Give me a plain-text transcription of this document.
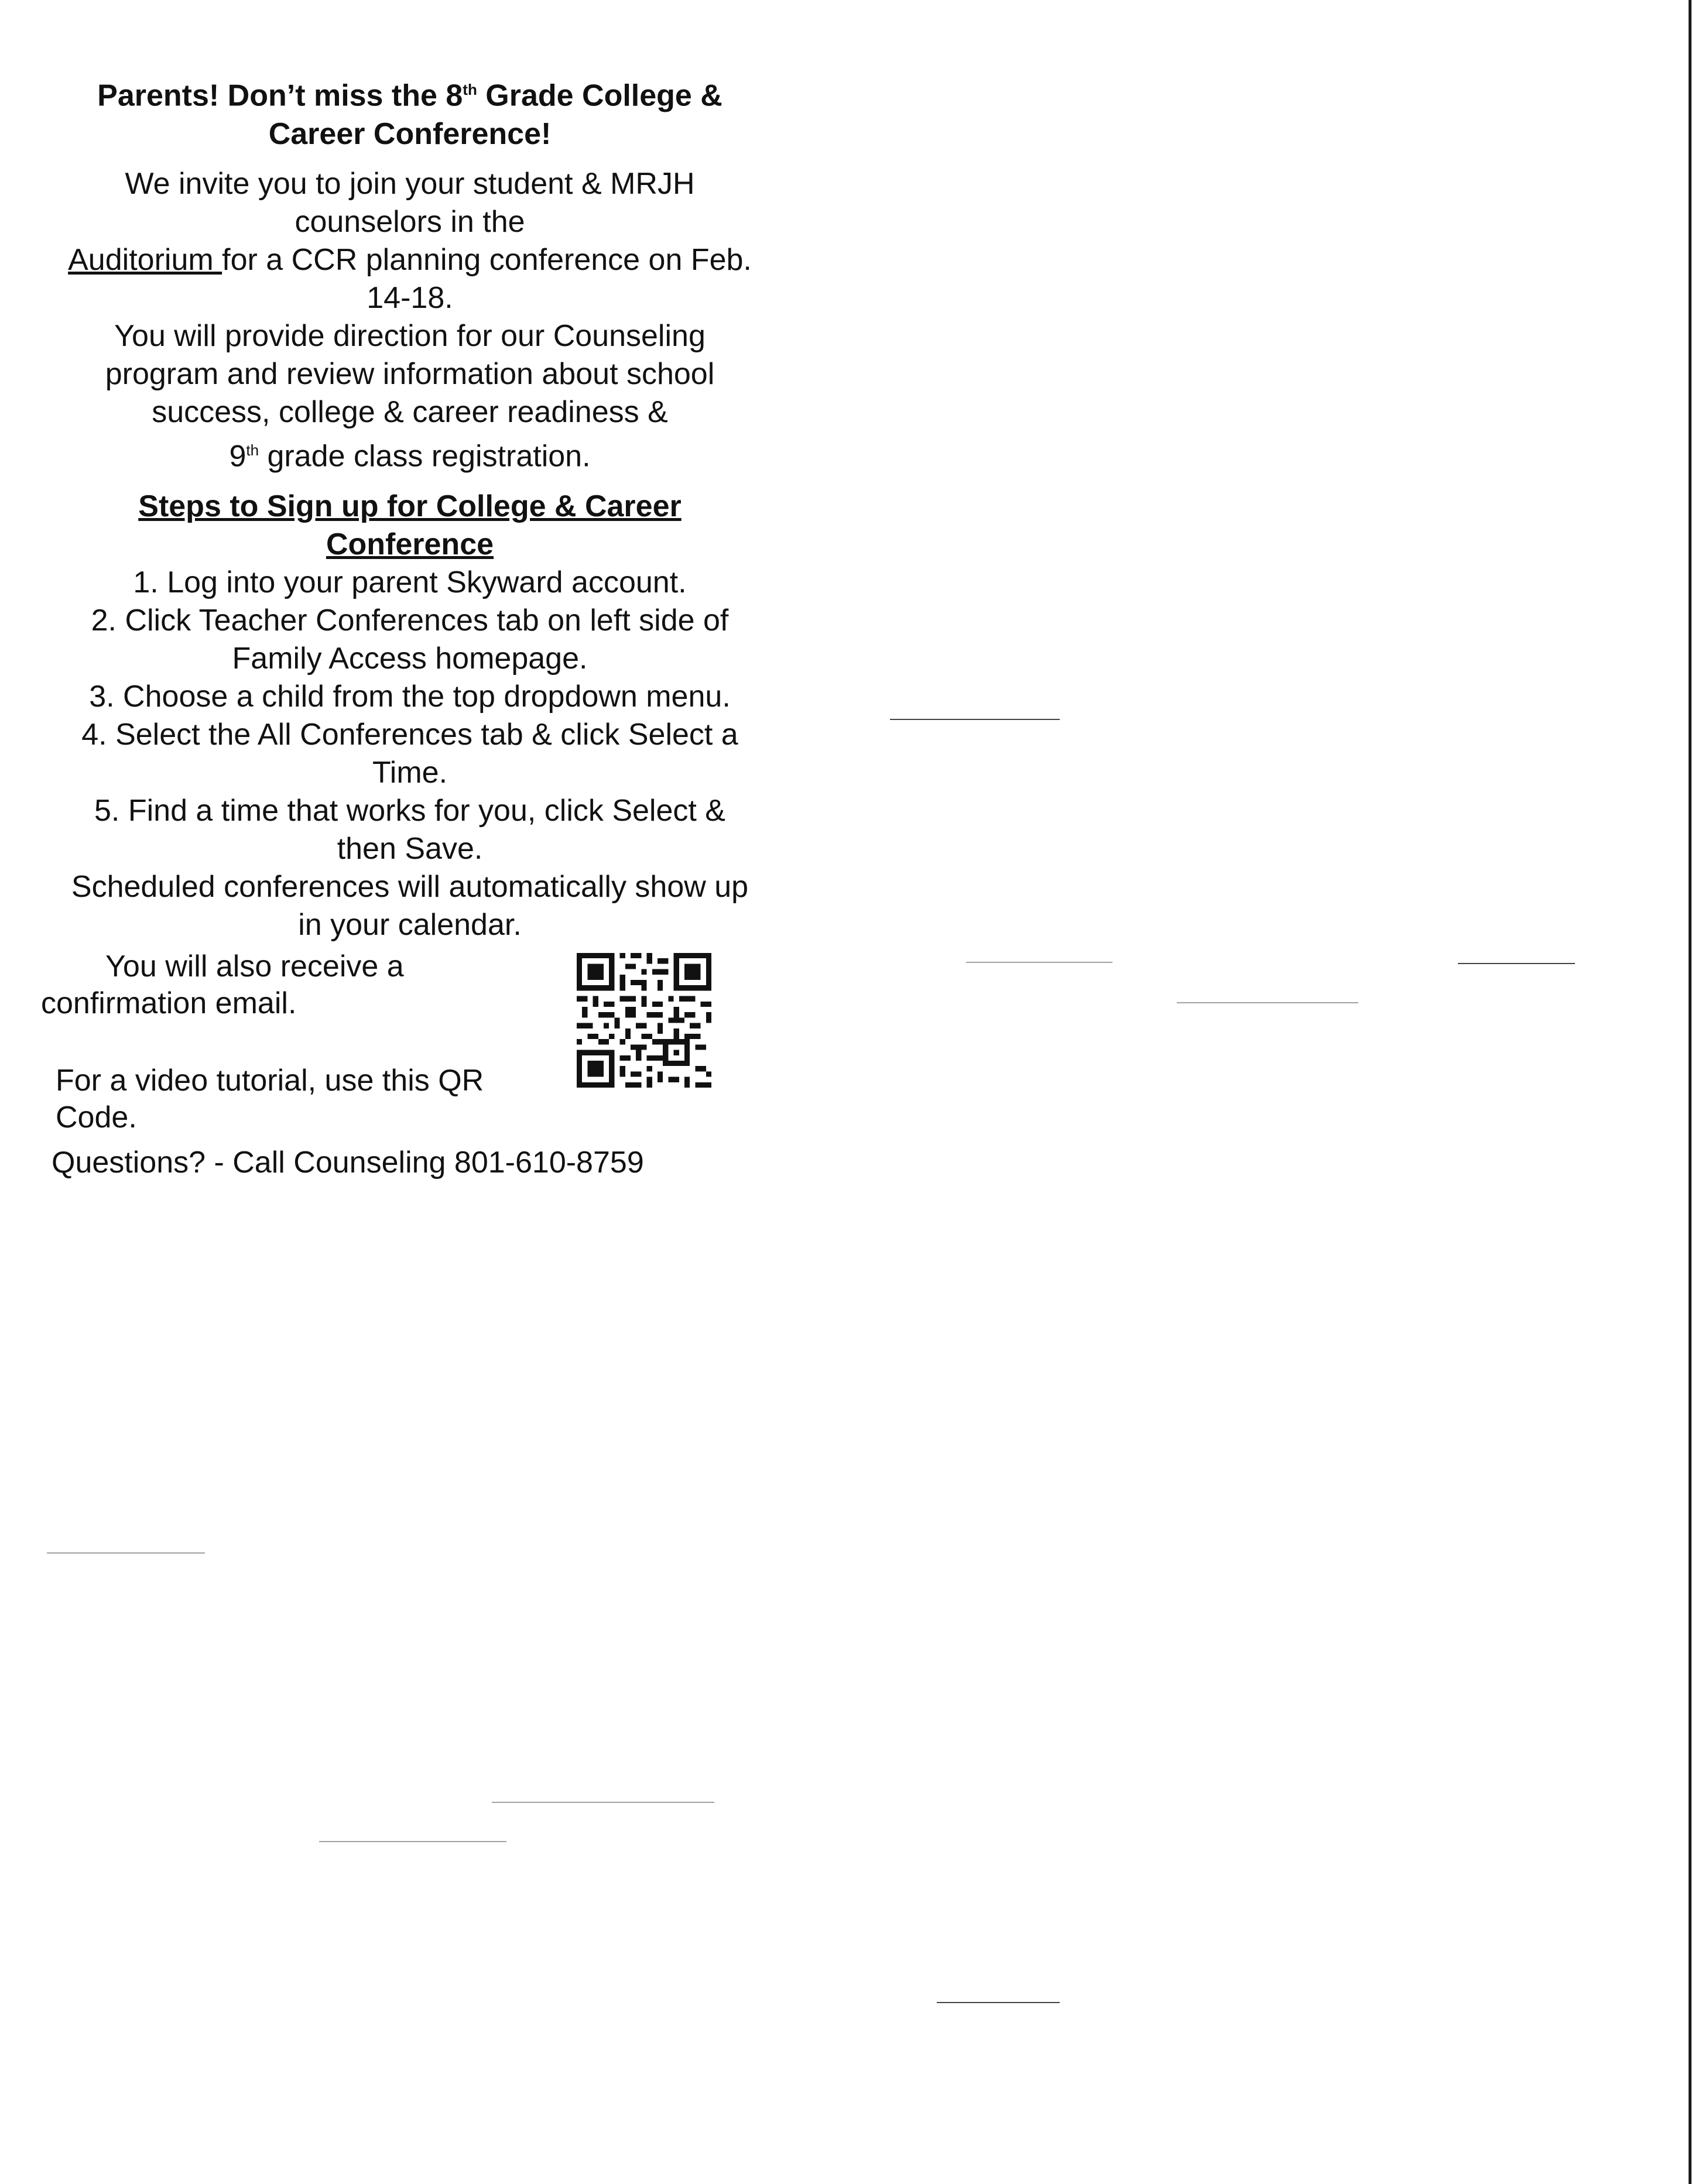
Parents! Don’t miss the 8th Grade College &
Career Conference!

We invite you to join your student & MRJH
counselors in the
Auditorium for a CCR planning conference on Feb.
14-18.
You will provide direction for our Counseling
program and review information about school
success, college & career readiness &
9th grade class registration.

Steps to Sign up for College & Career
Conference

1. Log into your parent Skyward account.
2. Click Teacher Conferences tab on left side of
Family Access homepage.
3. Choose a child from the top dropdown menu.
4. Select the All Conferences tab & click Select a
Time.
5. Find a time that works for you, click Select &
then Save.
Scheduled conferences will automatically show up
in your calendar.

You will also receive a
confirmation email.
For a video tutorial, use this QR
Code.
Questions? - Call Counseling 801-610-8759
